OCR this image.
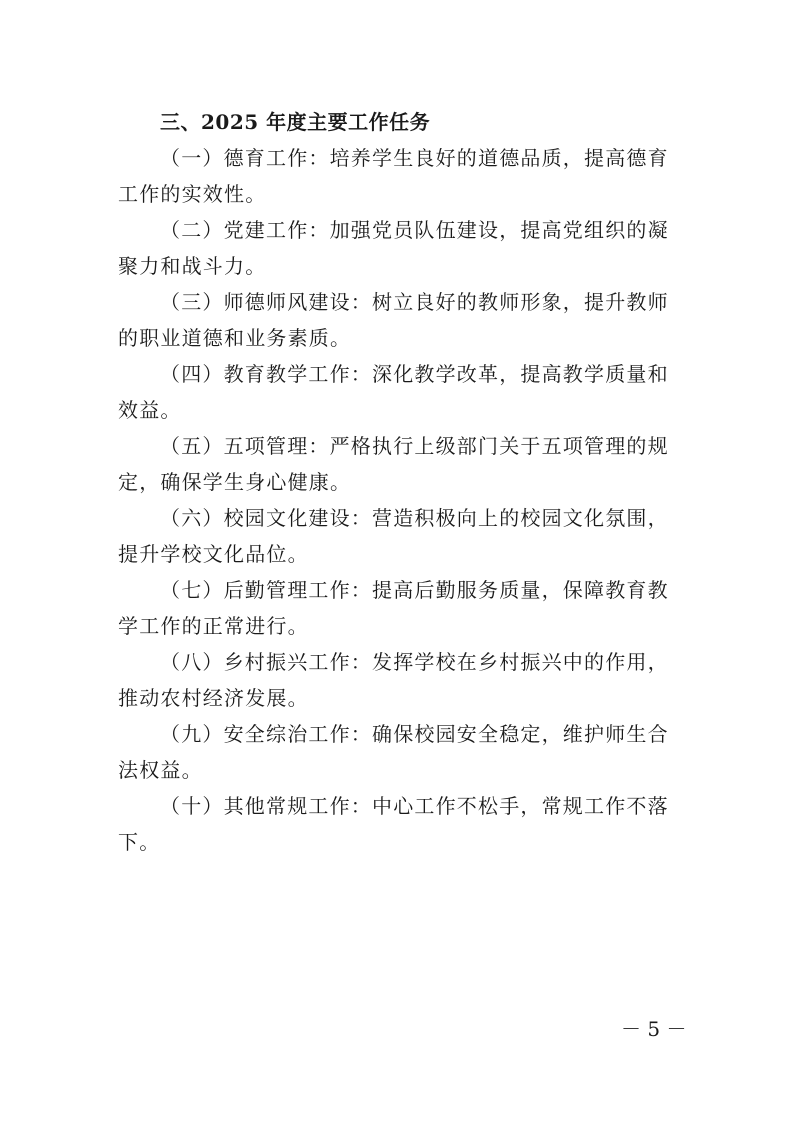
三、2025 年度主要工作任务

（一）德育工作：培养学生良好的道德品质，提高德育
工作的实效性。

（二）党建工作：加强党员队伍建设，提高党组织的凝
聚力和战斗力。

（三）师德师风建设：树立良好的教师形象，提升教师
的职业道德和业务素质。

（四）教育教学工作：深化教学改革，提高教学质量和
效益。

（五）五项管理：严格执行上级部门关于五项管理的规
定，确保学生身心健康。

（六）校园文化建设：营造积极向上的校园文化氛围，
提升学校文化品位。

（七）后勤管理工作：提高后勤服务质量，保障教育教
学工作的正常进行。

（八）乡村振兴工作：发挥学校在乡村振兴中的作用，
推动农村经济发展。

（九）安全综治工作：确保校园安全稳定，维护师生合
法权益。

（十）其他常规工作：中心工作不松手，常规工作不落
下。

－ 5 －
